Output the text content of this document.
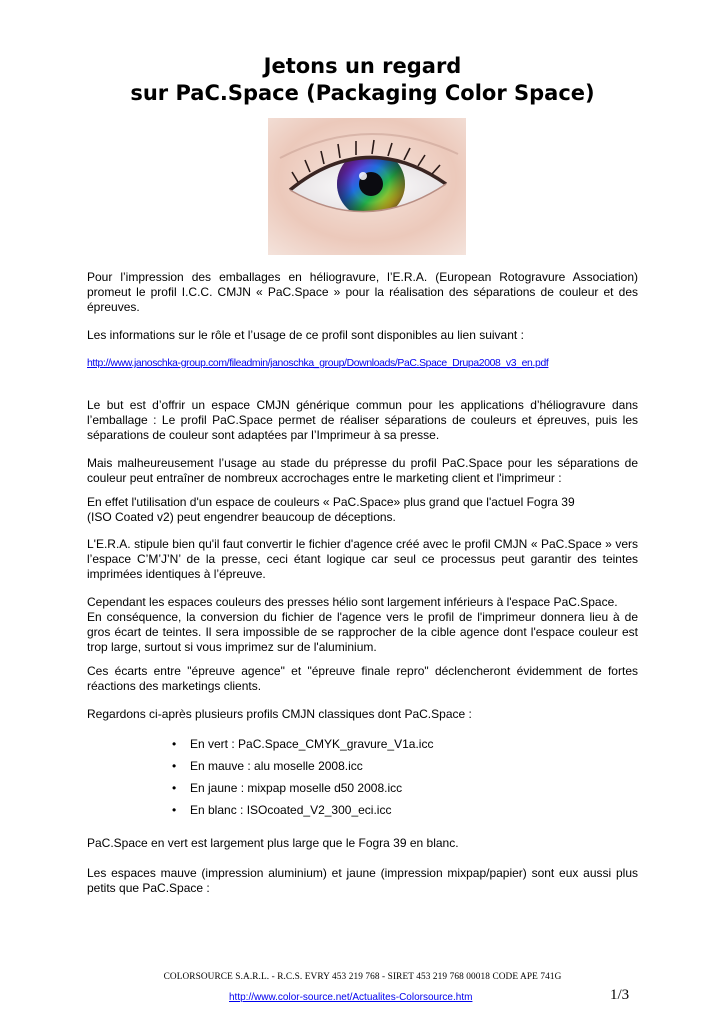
Jetons un regard
sur PaC.Space (Packaging Color Space)

Pour l’impression des emballages en héliogravure, l’E.R.A. (European Rotogravure Association) promeut le profil I.C.C. CMJN « PaC.Space » pour la réalisation des séparations de couleur et des épreuves.

Les informations sur le rôle et l’usage de ce profil sont disponibles au lien suivant :

http://www.janoschka-group.com/fileadmin/janoschka_group/Downloads/PaC.Space_Drupa2008_v3_en.pdf

Le but est d’offrir un espace CMJN générique commun pour les applications d’héliogravure dans l’emballage : Le profil PaC.Space permet de réaliser séparations de couleurs et épreuves, puis les séparations de couleur sont adaptées par l’Imprimeur à sa presse.

Mais malheureusement l’usage au stade du prépresse du profil PaC.Space pour les séparations de couleur peut entraîner de nombreux accrochages entre le marketing client et l'imprimeur :

En effet l'utilisation d'un espace de couleurs « PaC.Space» plus grand que l'actuel Fogra 39

(ISO Coated v2) peut engendrer beaucoup de déceptions.

L'E.R.A. stipule bien qu'il faut convertir le fichier d'agence créé avec le profil CMJN « PaC.Space » vers l’espace C’M’J’N’ de la presse, ceci étant logique car seul ce processus peut garantir des teintes imprimées identiques à l’épreuve.

Cependant les espaces couleurs des presses hélio sont largement inférieurs à l'espace PaC.Space.

En conséquence, la conversion du fichier de l'agence vers le profil de l'imprimeur donnera lieu à de gros écart de teintes. Il sera impossible de se rapprocher de la cible agence dont l'espace couleur est trop large, surtout si vous imprimez sur de l'aluminium.

Ces écarts entre "épreuve agence" et "épreuve finale repro" déclencheront évidemment de fortes réactions des marketings clients.

Regardons ci-après plusieurs profils CMJN classiques dont PaC.Space :

• En vert : PaC.Space_CMYK_gravure_V1a.icc
• En mauve : alu moselle 2008.icc
• En jaune : mixpap moselle d50 2008.icc
• En blanc : ISOcoated_V2_300_eci.icc

PaC.Space en vert est largement plus large que le Fogra 39 en blanc.

Les espaces mauve (impression aluminium) et jaune (impression mixpap/papier) sont eux aussi plus petits que PaC.Space :

COLORSOURCE S.A.R.L. - R.C.S. EVRY 453 219 768 - SIRET 453 219 768 00018 CODE APE 741G
http://www.color-source.net/Actualites-Colorsource.htm	1/3
